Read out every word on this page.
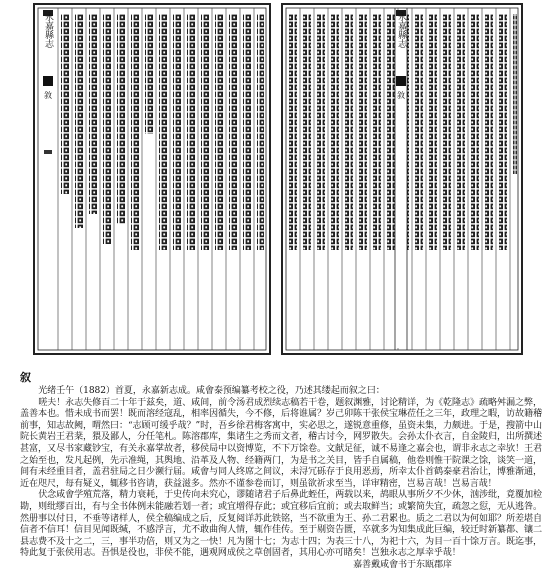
永嘉縣志
敘
永嘉縣志
敘
叙

光绪壬午（1882）首夏，永嘉新志成。咸㑹泰预编纂考校之役，乃述其缕起而叙之曰：

嗟夫！永志失修百二十年于兹矣，道、咸间，前令汤君成烈续志稿若干卷，题叙渊雅，讨论精详，为《乾隆志》疏略舛漏之弊，盖善本也。惜未成书而罢！既而溶经寇乱，相率因循失，今不修，后将谁属？岁己卯陈干张侯宝琳莅任之三年，政理之暇，访故籍稽前事，知志故阙，喟然曰：“志顾可缓乎哉？”时，吾乡徐君梅客寓中，实必思之，遂锐意重修，虽资未集，力颇进。于是，搜箭中山院长黄岩王君棻，猥及鄙人，分任笔札。陈溶郡库，集诸生之秀而文者，稽古讨今，网罗散失。会孙太仆衣言，自金陵归，出所撰述甚富，又尽书家藏钞宝，有关永嘉掌故者，移侯局中以资博览，不下万馀卷。文献足征，诚不易逢之嘉会也，谓非永志之幸欤！王君之始至也，发凡起例，先示准绳，其舆地、沿革及人物、经籍两门，为是书之关目，皆手自属稿，他卷则惟干院课之馀，谈笑一道，间有未经重目者，盖君驻局之日少濒行届。咸㑹与同人终席之间议，未浔冗砾存于良用恶焉，所幸太仆首鹤泰豪君治让，博雅渐通，近在咫尺，每有疑义，辄移书咨请，获益滋多。然亦不谨参卷而订，则虽欲祈求至当，详审精密，岂易言哉！岂易言哉！

伏念咸㑹学殖荒落，精力衰耗，于史传向未究心，谬随诸君子后鼻此蛭任，两载以来，鸪眼从事所夕不少休，汹涉纰，竟覆加检勘，则纰缪百出，有与全书体例未能融若划一者；或宜增得存此；或宜移后宜前；或去取鲜当；或繁简失宜，疏忽之愆，无从逃咎。然册事以付日，不垂等诸样人，侯全稿编成之后，反复阅详苏此铁铭，当不欲重为王、孙二君累也。质之二君以为何如耶？所差堪自信者不信耳！信目见闻既缄，不感浮言，尤不敢曲徇人情，辄作佳传。至于剔资告匮，卒就多为知集成此巨编，较迁时新纂都、镶二县志费不及十之二，三，事半功倍，则又为之一快！凡为图十七；为志十四；为表三十八，为祀十六，为目一百十馀万言。既迄事，特此复于张侯用志。吾惧是役也，非侯不能，遇观网成侯之草创固者，其用心亦可睹矣！岂独永志之厚幸乎哉！

嘉善戴咸㑹书于东瓯郡庠
